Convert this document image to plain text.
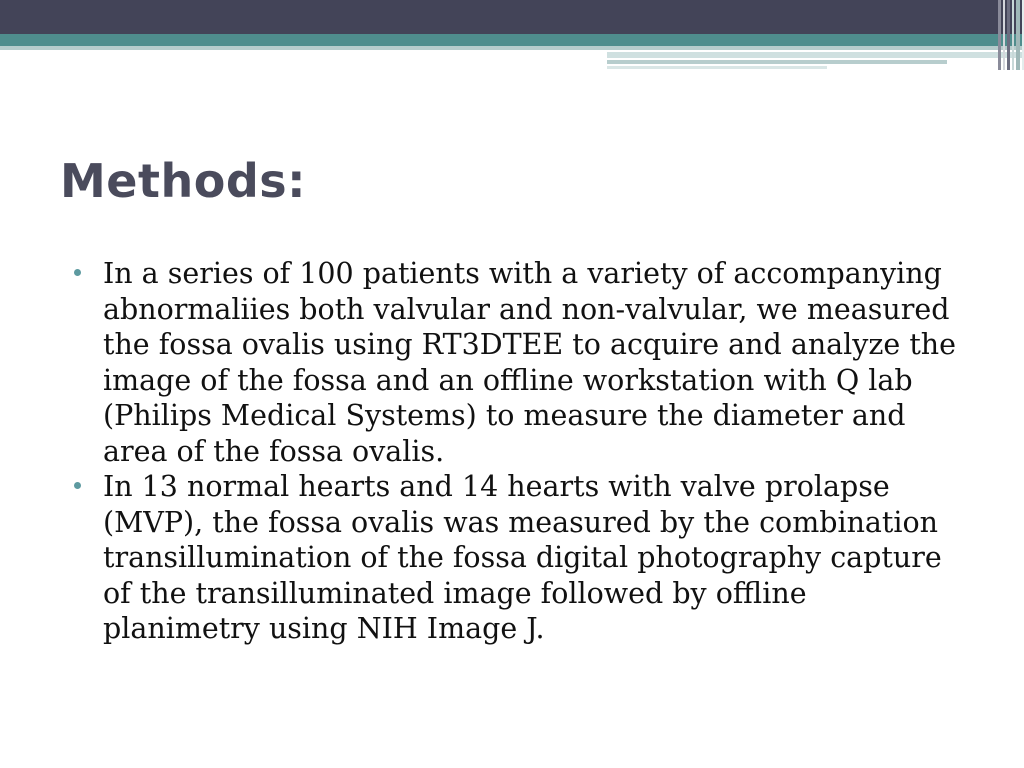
Methods:
In a series of 100 patients with a variety of accompanying abnormaliies both valvular and non-valvular, we measured the fossa ovalis using RT3DTEE to acquire and analyze the image of the fossa and an offline workstation with Q lab (Philips Medical Systems) to measure the diameter and area of the fossa ovalis.
In 13 normal hearts and 14 hearts with valve prolapse (MVP), the fossa ovalis was measured by the combination transillumination of the fossa digital photography capture of the transilluminated image followed by offline planimetry using NIH Image J.
